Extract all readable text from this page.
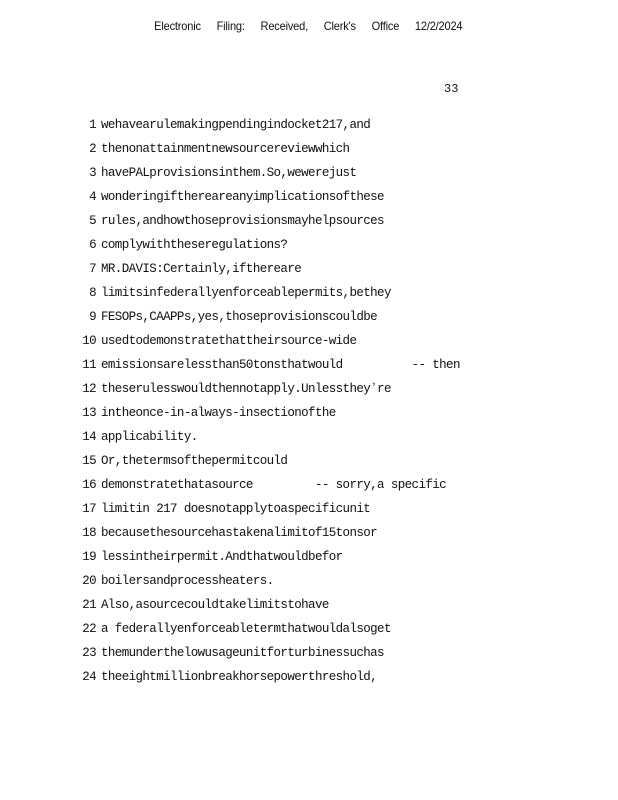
Electronic Filing: Received, Clerk's Office 12/2/2024
33
1 wehavearulemakingpendingindocket217,and
2 thenonattainmentnewsourcereviewwhich
3 havePALprovisionsinthem.So,wewerejust
4 wonderingifthereareanyimplicationsofthese
5 rules,andhowthoseprovisionsmayhelpsources
6 complywiththeseregulations?
7 MR.DAVIS:Certainly,ifthereare
8 limitsinfederallyenforceablepermits,bethey
9 FESOPs,CAAPPs,yes,thoseprovisionscouldbe
10 usedtodemonstratethattheirsource-wide
11 emissionsarelessthan50tonsthatwould          -- then
12 theserulesswouldthennotapply.Unlesstheyʼre
13 intheonce-in-always-insectionofthe
14 applicability.
15 Or,thetermsofthepermitcould
16 demonstratethatasource         -- sorry,a specific
17 limitin 217 doesnotapplytoaspecificunit
18 becausethesourcehastakenalimitof15tonsor
19 lessintheirpermit.Andthatwouldbefor
20 boilersandprocessheaters.
21 Also,asourcecouldtakelimitstohave
22 a federallyenforceabletermthatwouldalsoget
23 themunderthelowusageunitforturbinessuchas
24 theeightmillionbreakhorsepowerthreshold,
